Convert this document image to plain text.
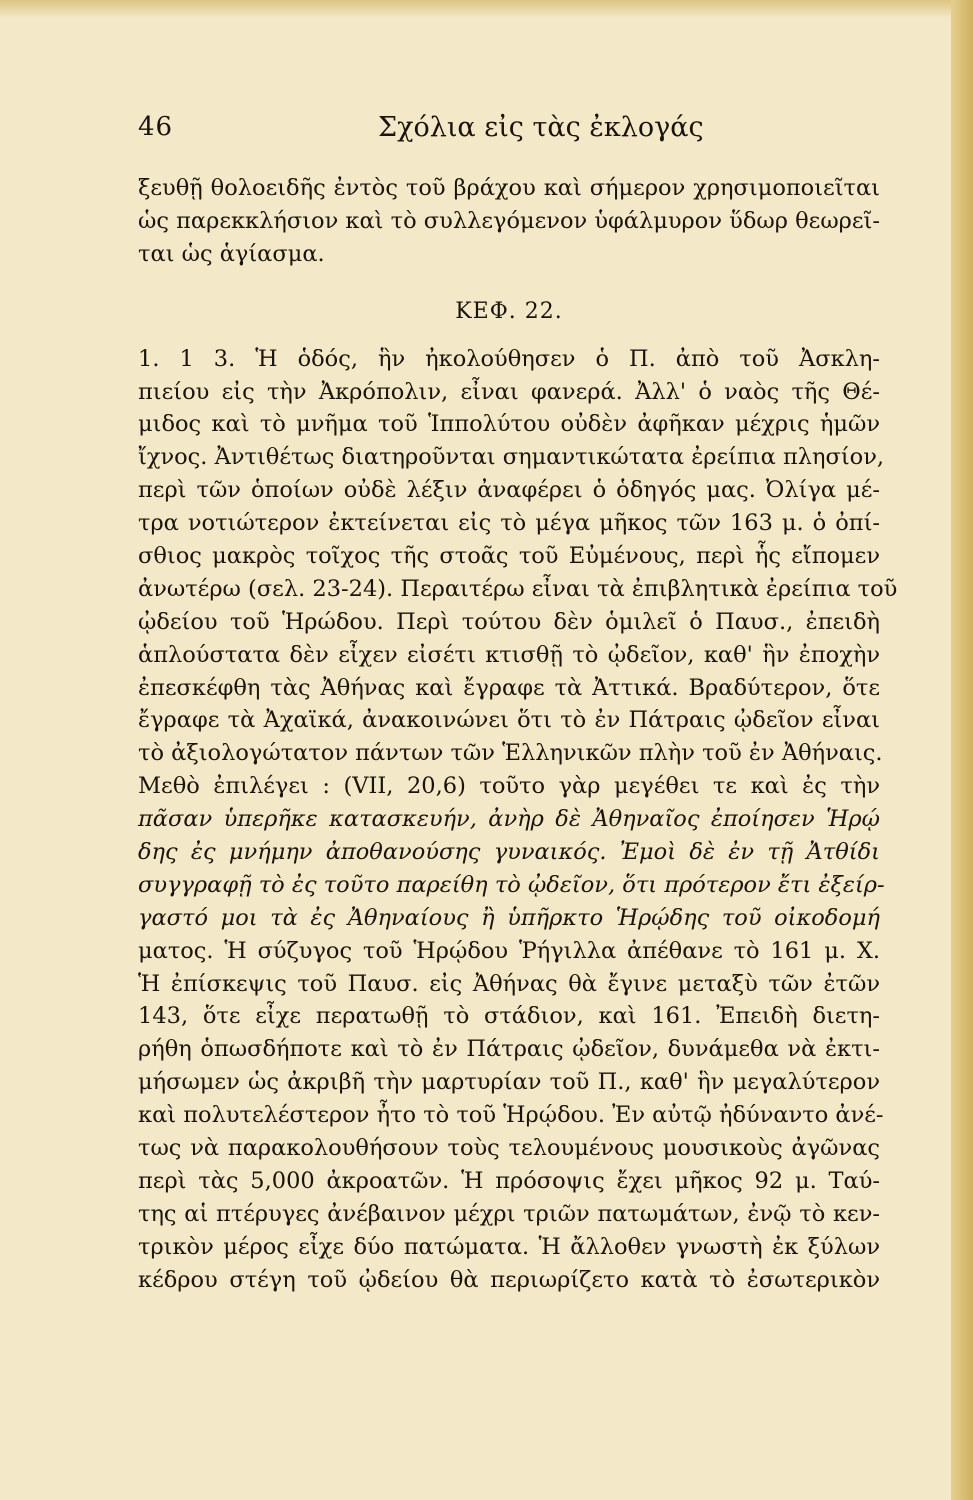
46	Σχόλια εἰς τὰς ἐκλογάς
ξευθῇ θολοειδῆς ἐντὸς τοῦ βράχου καὶ σήμερον χρησιμοποιεῖται
ὡς παρεκκλήσιον καὶ τὸ συλλεγόμενον ὑφάλμυρον ὕδωρ θεωρεῖ-
ται ὡς ἁγίασμα.
ΚΕΦ. 22.
1. 1 3. Ἡ ὁδός, ἣν ἠκολούθησεν ὁ Π. ἀπὸ τοῦ Ἀσκλη-
πιείου εἰς τὴν Ἀκρόπολιν, εἶναι φανερά. Ἀλλ' ὁ ναὸς τῆς Θέ-
μιδος καὶ τὸ μνῆμα τοῦ Ἱππολύτου οὐδὲν ἀφῆκαν μέχρις ἡμῶν
ἴχνος. Ἀντιθέτως διατηροῦνται σημαντικώτατα ἐρείπια πλησίον,
περὶ τῶν ὁποίων οὐδὲ λέξιν ἀναφέρει ὁ ὁδηγός μας. Ὀλίγα μέ-
τρα νοτιώτερον ἐκτείνεται εἰς τὸ μέγα μῆκος τῶν 163 μ. ὁ ὀπί-
σθιος μακρὸς τοῖχος τῆς στοᾶς τοῦ Εὐμένους, περὶ ἧς εἴπομεν
ἀνωτέρω (σελ. 23-24). Περαιτέρω εἶναι τὰ ἐπιβλητικὰ ἐρείπια τοῦ
ᾠδείου τοῦ Ἡρώδου. Περὶ τούτου δὲν ὁμιλεῖ ὁ Παυσ., ἐπειδὴ
ἁπλούστατα δὲν εἶχεν εἰσέτι κτισθῇ τὸ ᾠδεῖον, καθ' ἣν ἐποχὴν
ἐπεσκέφθη τὰς Ἀθήνας καὶ ἔγραφε τὰ Ἀττικά. Βραδύτερον, ὅτε
ἔγραφε τὰ Ἀχαϊκά, ἀνακοινώνει ὅτι τὸ ἐν Πάτραις ᾠδεῖον εἶναι
τὸ ἀξιολογώτατον πάντων τῶν Ἑλληνικῶν πλὴν τοῦ ἐν Ἀθήναις.
Μεθὸ ἐπιλέγει : (VII, 20,6) τοῦτο γὰρ μεγέθει τε καὶ ἐς τὴν
πᾶσαν ὑπερῆκε κατασκευήν, ἀνὴρ δὲ Ἀθηναῖος ἐποίησεν Ἡρῴ
δης ἐς μνήμην ἀποθανούσης γυναικός. Ἐμοὶ δὲ ἐν τῇ Ἀτθίδι
συγγραφῇ τὸ ἐς τοῦτο παρείθη τὸ ᾠδεῖον, ὅτι πρότερον ἔτι ἐξείρ-
γαστό μοι τὰ ἐς Ἀθηναίους ἢ ὑπῆρκτο Ἡρῴδης τοῦ οἰκοδομή
ματος. Ἡ σύζυγος τοῦ Ἡρῴδου Ῥήγιλλα ἀπέθανε τὸ 161 μ. Χ.
Ἡ ἐπίσκεψις τοῦ Παυσ. εἰς Ἀθήνας θὰ ἔγινε μεταξὺ τῶν ἐτῶν
143, ὅτε εἶχε περατωθῇ τὸ στάδιον, καὶ 161. Ἐπειδὴ διετη-
ρήθη ὁπωσδήποτε καὶ τὸ ἐν Πάτραις ᾠδεῖον, δυνάμεθα νὰ ἐκτι-
μήσωμεν ὡς ἀκριβῆ τὴν μαρτυρίαν τοῦ Π., καθ' ἣν μεγαλύτερον
καὶ πολυτελέστερον ἦτο τὸ τοῦ Ἡρῴδου. Ἐν αὐτῷ ἠδύναντο ἀνέ-
τως νὰ παρακολουθήσουν τοὺς τελουμένους μουσικοὺς ἀγῶνας
περὶ τὰς 5,000 ἀκροατῶν. Ἡ πρόσοψις ἔχει μῆκος 92 μ. Ταύ-
της αἱ πτέρυγες ἀνέβαινον μέχρι τριῶν πατωμάτων, ἐνῷ τὸ κεν-
τρικὸν μέρος εἶχε δύο πατώματα. Ἡ ἄλλοθεν γνωστὴ ἐκ ξύλων
κέδρου στέγη τοῦ ᾠδείου θὰ περιωρίζετο κατὰ τὸ ἐσωτερικὸν
